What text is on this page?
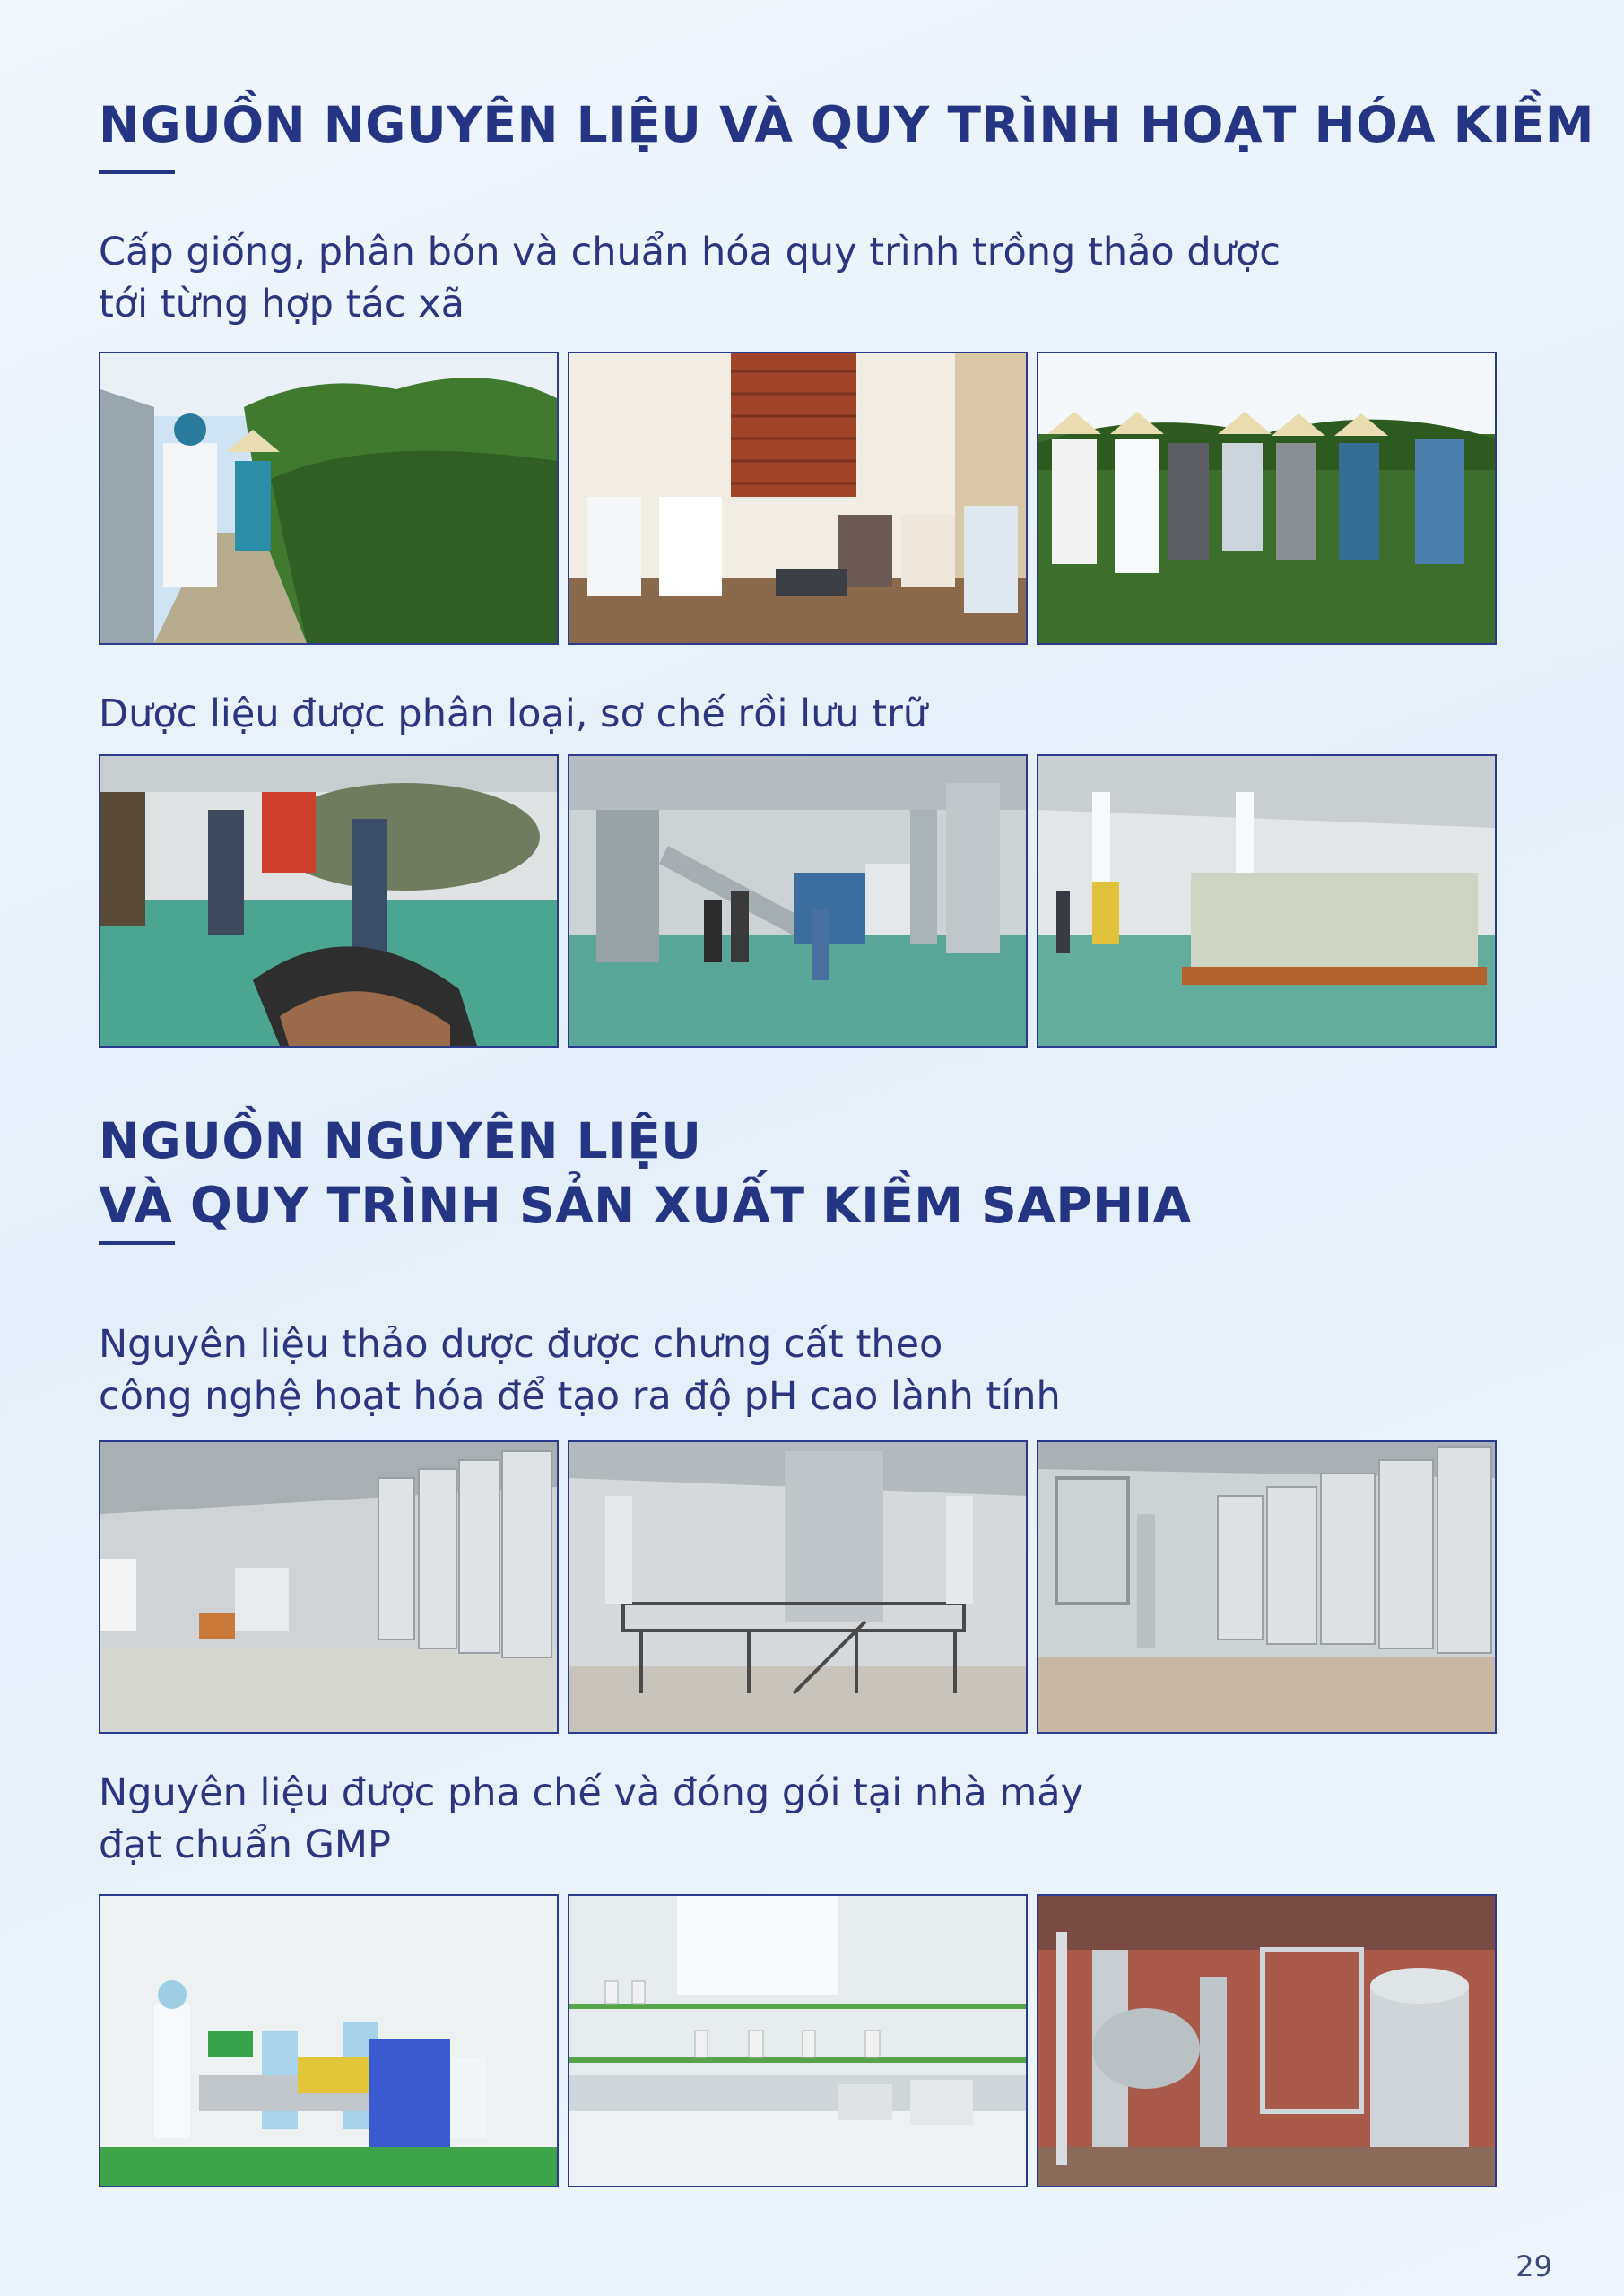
NGUỒN NGUYÊN LIỆU VÀ QUY TRÌNH HOẠT HÓA KIỀM

Cấp giống, phân bón và chuẩn hóa quy trình trồng thảo dược
tới từng hợp tác xã

Dược liệu được phân loại, sơ chế rồi lưu trữ

NGUỒN NGUYÊN LIỆU
VÀ QUY TRÌNH SẢN XUẤT KIỀM SAPHIA

Nguyên liệu thảo dược được chưng cất theo
công nghệ hoạt hóa để tạo ra độ pH cao lành tính

Nguyên liệu được pha chế và đóng gói tại nhà máy
đạt chuẩn GMP

29
